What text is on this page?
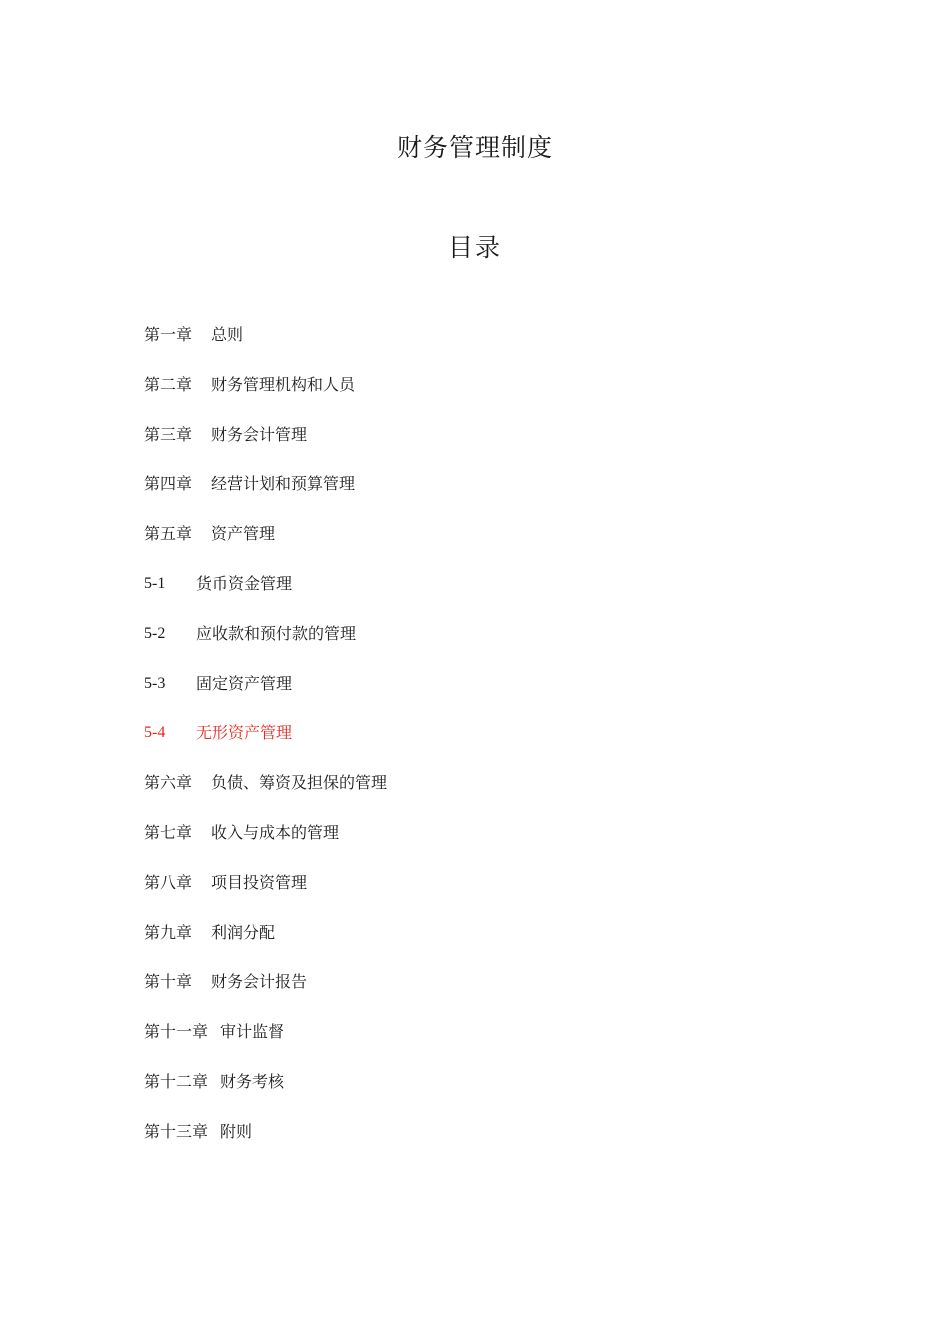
财务管理制度
目录
第一章 总则
第二章 财务管理机构和人员
第三章 财务会计管理
第四章 经营计划和预算管理
第五章 资产管理
5-1 货币资金管理
5-2 应收款和预付款的管理
5-3 固定资产管理
5-4 无形资产管理
第六章 负债、筹资及担保的管理
第七章 收入与成本的管理
第八章 项目投资管理
第九章 利润分配
第十章 财务会计报告
第十一章 审计监督
第十二章 财务考核
第十三章 附则
